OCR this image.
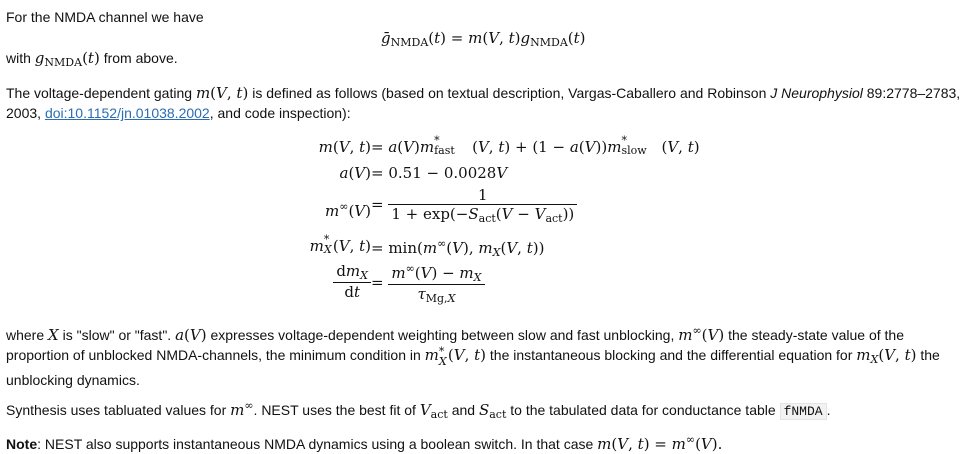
For the NMDA channel we have
ḡ$_{NMDA}$(t) = m(V, $t)g_{NMDA}(t)$
with $g_{NMDA}(t)$ from above.
The voltage-dependent gating m(V, t) is defined as follows (based on textual description, Vargas-Caballero and Robinson J Neurophysiol 89:2778–2783, 2003, doi:10.1152/jn.01038.2002, and code inspection):
m(V, t) = a(V)m *
fast (V, t) + (1 − a(V))m *
slow (V, t)
a(V) = 0.51 − 0.0028V
$m^\infty(V) = \frac{1}{1 + \exp(-S_{act}(V - V_{act}))}$
m *
X (V, t) = min(m∞(V), $m_X(V$, t))
$\frac{dm_X}{dt} = \frac{m^\infty(V) - m_X}{\tau_{Mg,X}}$
where X is "slow" or "fast". a(V) expresses voltage-dependent weighting between slow and fast unblocking, m∞(V) the steady-state value of the proportion of unblocked NMDA-channels, the minimum condition in m *
X (V, t) the instantaneous blocking and the differential equation for $m_X(V$, t) the unblocking dynamics.
Synthesis uses tabluated values for m∞. NEST uses the best fit of $V_{act}$ and $S_{act}$ to the tabulated data for conductance table fNMDA .
Note: NEST also supports instantaneous NMDA dynamics using a boolean switch. In that case m(V, t) = m∞(V).
